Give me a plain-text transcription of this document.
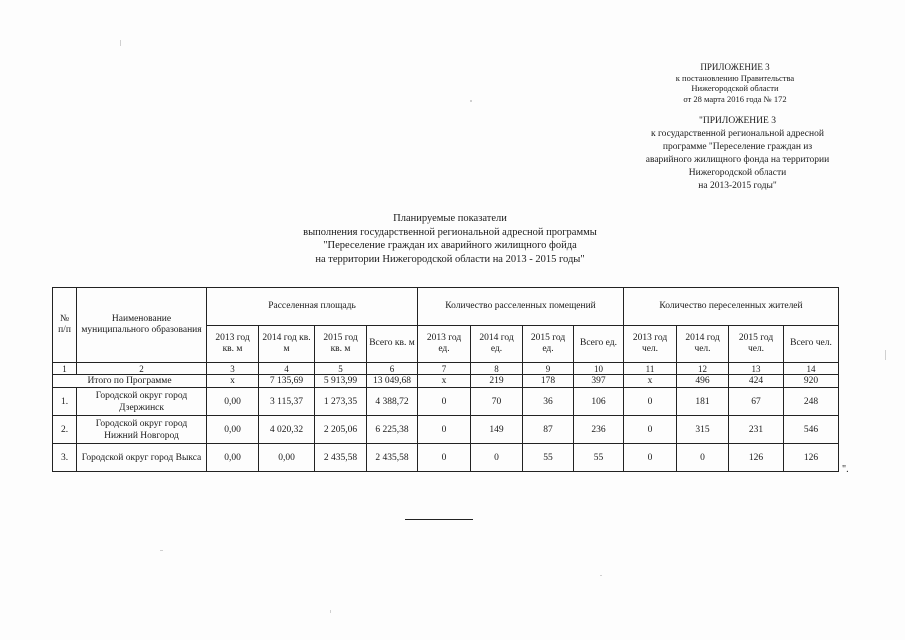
ПРИЛОЖЕНИЕ 3
к постановлению Правительства
Нижегородской области
от 28 марта 2016 года № 172
"ПРИЛОЖЕНИЕ 3
к государственной региональной адресной
программе "Переселение граждан из
аварийного жилищного фонда на территории
Нижегородской области
на 2013-2015 годы"
Планируемые показатели
выполнения государственной региональной адресной программы
"Переселение граждан их аварийного жилищного фойда
на территории Нижегородской области на 2013 - 2015 годы"
№ п/п	Наименование муниципального образования	Расселенная площадь				Количество расселенных помещений				Количество переселенных жителей			
		2013 год кв. м	2014 год кв. м	2015 год кв. м	Всего кв. м	2013 год ед.	2014 год ед.	2015 год ед.	Всего ед.	2013 год чел.	2014 год чел.	2015 год чел.	Всего чел.
1	2	3	4	5	6	7	8	9	10	11	12	13	14
Итого по Программе		х	7 135,69	5 913,99	13 049,68	х	219	178	397	х	496	424	920
1.	Городской округ город Дзержинск	0,00	3 115,37	1 273,35	4 388,72	0	70	36	106	0	181	67	248
2.	Городской округ город Нижний Новгород	0,00	4 020,32	2 205,06	6 225,38	0	149	87	236	0	315	231	546
3.	Городской округ город Выкса	0,00	0,00	2 435,58	2 435,58	0	0	55	55	0	0	126	126
".
